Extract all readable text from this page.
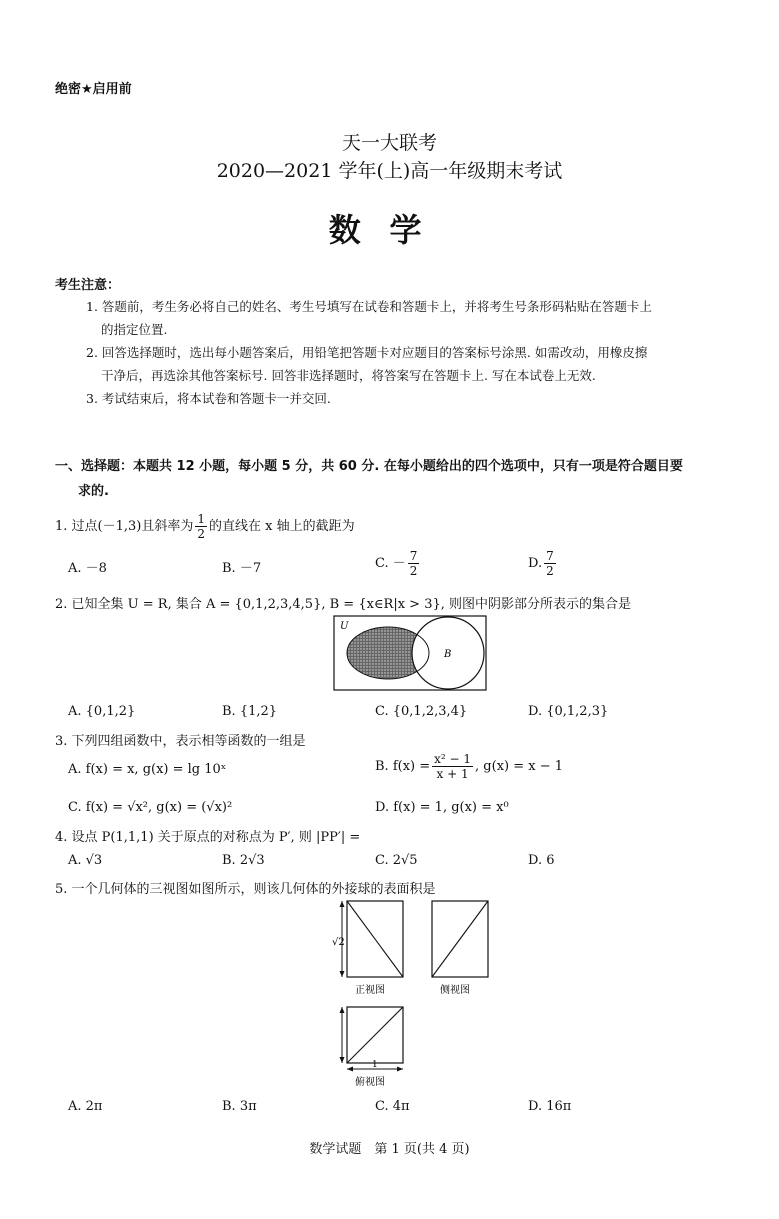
绝密★启用前
天一大联考
2020—2021 学年(上)高一年级期末考试
数学
考生注意：
1. 答题前，考生务必将自己的姓名、考生号填写在试卷和答题卡上，并将考生号条形码粘贴在答题卡上
的指定位置.
2. 回答选择题时，选出每小题答案后，用铅笔把答题卡对应题目的答案标号涂黑. 如需改动，用橡皮擦
干净后，再选涂其他答案标号. 回答非选择题时，将答案写在答题卡上. 写在本试卷上无效.
3. 考试结束后，将本试卷和答题卡一并交回.
一、选择题：本题共 12 小题，每小题 5 分，共 60 分. 在每小题给出的四个选项中，只有一项是符合题目要
求的.
1. 过点(－1,3)且斜率为 $\frac{1}{2}$ 的直线在 x 轴上的截距为
A. －8	B. －7	C. － $\frac{7}{2}$	D. $\frac{7}{2}$
2. 已知全集 U = R, 集合 A = {0,1,2,3,4,5}, B = {x∈R|x > 3}, 则图中阴影部分所表示的集合是
U
B
A. {0,1,2}	B. {1,2}	C. {0,1,2,3,4}	D. {0,1,2,3}
3. 下列四组函数中，表示相等函数的一组是
A. f(x) = x, g(x) = lg 10ˣ	B. $f(x) = \frac{\text{x² − 1}}{x + 1}$ , g(x) = x − 1
C. f(x) = √x², g(x) = (√x)²	D. f(x) = 1, g(x) = x⁰
4. 设点 P(1,1,1) 关于原点的对称点为 P′, 则 |PP′| =
A. √3	B. 2√3	C. 2√5	D. 6
5. 一个几何体的三视图如图所示，则该几何体的外接球的表面积是
√2
正视图	侧视图
1
俯视图
A. 2π	B. 3π	C. 4π	D. 16π
数学试题　第 1 页(共 4 页)
